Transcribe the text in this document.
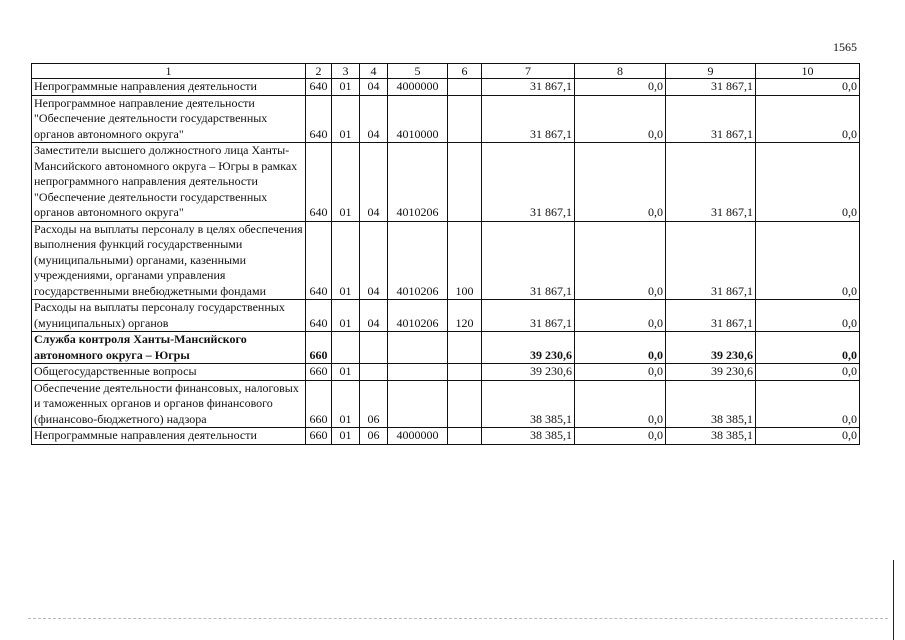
1565
1	2	3	4	5	6	7	8	9	10
Непрограммные направления деятельности	640	01	04	4000000		31 867,1	0,0	31 867,1	0,0
Непрограммное направление деятельности "Обеспечение деятельности государственных органов автономного округа"	640	01	04	4010000		31 867,1	0,0	31 867,1	0,0
Заместители высшего должностного лица Ханты-Мансийского автономного округа – Югры в рамках непрограммного направления деятельности "Обеспечение деятельности государственных органов автономного округа"	640	01	04	4010206		31 867,1	0,0	31 867,1	0,0
Расходы на выплаты персоналу в целях обеспечения выполнения функций государственными (муниципальными) органами, казенными учреждениями, органами управления государственными внебюджетными фондами	640	01	04	4010206	100	31 867,1	0,0	31 867,1	0,0
Расходы на выплаты персоналу государственных (муниципальных) органов	640	01	04	4010206	120	31 867,1	0,0	31 867,1	0,0
Служба контроля Ханты-Мансийского автономного округа – Югры	660					39 230,6	0,0	39 230,6	0,0
Общегосударственные вопросы	660	01				39 230,6	0,0	39 230,6	0,0
Обеспечение деятельности финансовых, налоговых и таможенных органов и органов финансового (финансово-бюджетного) надзора	660	01	06			38 385,1	0,0	38 385,1	0,0
Непрограммные направления деятельности	660	01	06	4000000		38 385,1	0,0	38 385,1	0,0
